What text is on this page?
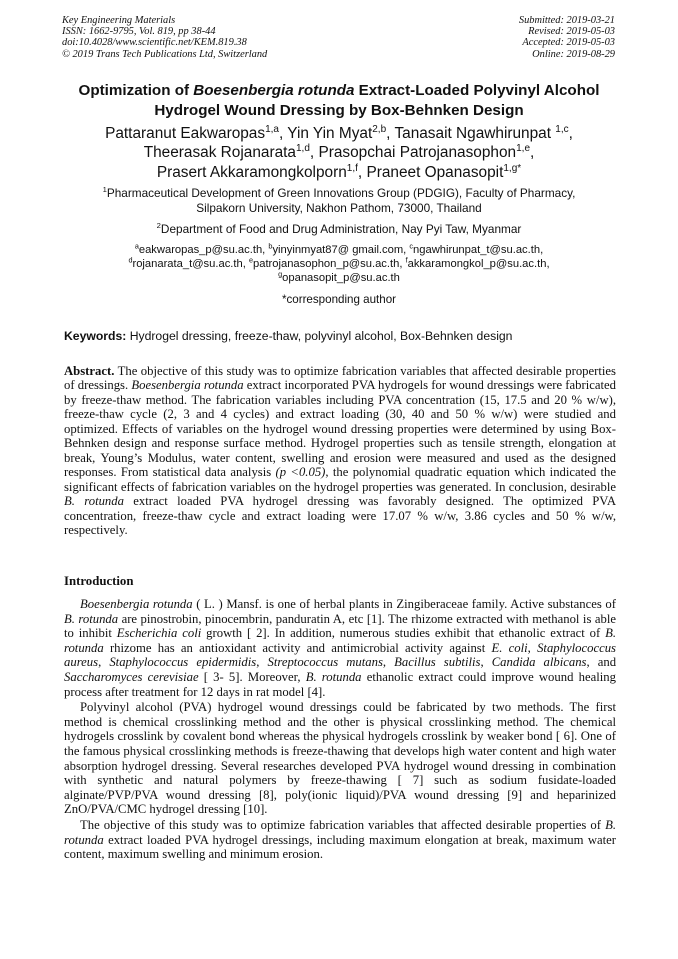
Key Engineering Materials
ISSN: 1662-9795, Vol. 819, pp 38-44
doi:10.4028/www.scientific.net/KEM.819.38
© 2019 Trans Tech Publications Ltd, Switzerland
Submitted: 2019-03-21
Revised: 2019-05-03
Accepted: 2019-05-03
Online: 2019-08-29
Optimization of Boesenbergia rotunda Extract-Loaded Polyvinyl Alcohol
Hydrogel Wound Dressing by Box-Behnken Design
Pattaranut Eakwaropas$^{1,a}$, Yin Yin Myat$^{2,b}$, Tanasait Ngawhirunpat $^{1,c}$,
Theerasak Rojanarata$^{1,d}$, Prasopchai Patrojanasophon$^{1,e}$,
Prasert Akkaramongkolporn$^{1,f}$, Praneet Opanasopit$^{1,g*}$
$^1$Pharmaceutical Development of Green Innovations Group (PDGIG), Faculty of Pharmacy,
Silpakorn University, Nakhon Pathom, 73000, Thailand
$^2$Department of Food and Drug Administration, Nay Pyi Taw, Myanmar
$^a$eakwaropas_p@su.ac.th, $^b$yinyinmyat87@ gmail.com, $^c$ngawhirunpat_t@su.ac.th,
$^d$rojanarata_t@su.ac.th, $^e$patrojanasophon_p@su.ac.th, $^f$akkaramongkol_p@su.ac.th,
$^g$opanasopit_p@su.ac.th
*corresponding author
Keywords: Hydrogel dressing, freeze-thaw, polyvinyl alcohol, Box-Behnken design
Abstract. The objective of this study was to optimize fabrication variables that affected desirable properties of dressings. Boesenbergia rotunda extract incorporated PVA hydrogels for wound dressings were fabricated by freeze-thaw method. The fabrication variables including PVA concentration (15, 17.5 and 20 % w/w), freeze-thaw cycle (2, 3 and 4 cycles) and extract loading (30, 40 and 50 % w/w) were studied and optimized. Effects of variables on the hydrogel wound dressing properties were determined by using Box-Behnken design and response surface method. Hydrogel properties such as tensile strength, elongation at break, Young’s Modulus, water content, swelling and erosion were measured and used as the designed responses. From statistical data analysis (p <0.05), the polynomial quadratic equation which indicated the significant effects of fabrication variables on the hydrogel properties was generated. In conclusion, desirable B. rotunda extract loaded PVA hydrogel dressing was favorably designed. The optimized PVA concentration, freeze-thaw cycle and extract loading were 17.07 % w/w, 3.86 cycles and 50 % w/w, respectively.
Introduction

Boesenbergia rotunda ( L. ) Mansf. is one of herbal plants in Zingiberaceae family. Active substances of B. rotunda are pinostrobin, pinocembrin, panduratin A, etc [1]. The rhizome extracted with methanol is able to inhibit Escherichia coli growth [ 2]. In addition, numerous studies exhibit that ethanolic extract of B. rotunda rhizome has an antioxidant activity and antimicrobial activity against E. coli, Staphylococcus aureus, Staphylococcus epidermidis, Streptococcus mutans, Bacillus subtilis, Candida albicans, and Saccharomyces cerevisiae [ 3- 5]. Moreover, B. rotunda ethanolic extract could improve wound healing process after treatment for 12 days in rat model [4].

Polyvinyl alcohol (PVA) hydrogel wound dressings could be fabricated by two methods. The first method is chemical crosslinking method and the other is physical crosslinking method. The chemical hydrogels crosslink by covalent bond whereas the physical hydrogels crosslink by weaker bond [ 6]. One of the famous physical crosslinking methods is freeze-thawing that develops high water content and high water absorption hydrogel dressing. Several researches developed PVA hydrogel wound dressing in combination with synthetic and natural polymers by freeze-thawing [ 7] such as sodium fusidate-loaded alginate/PVP/PVA wound dressing [8], poly(ionic liquid)/PVA wound dressing [9] and heparinized ZnO/PVA/CMC hydrogel dressing [10].

The objective of this study was to optimize fabrication variables that affected desirable properties of B. rotunda extract loaded PVA hydrogel dressings, including maximum elongation at break, maximum water content, maximum swelling and minimum erosion.
